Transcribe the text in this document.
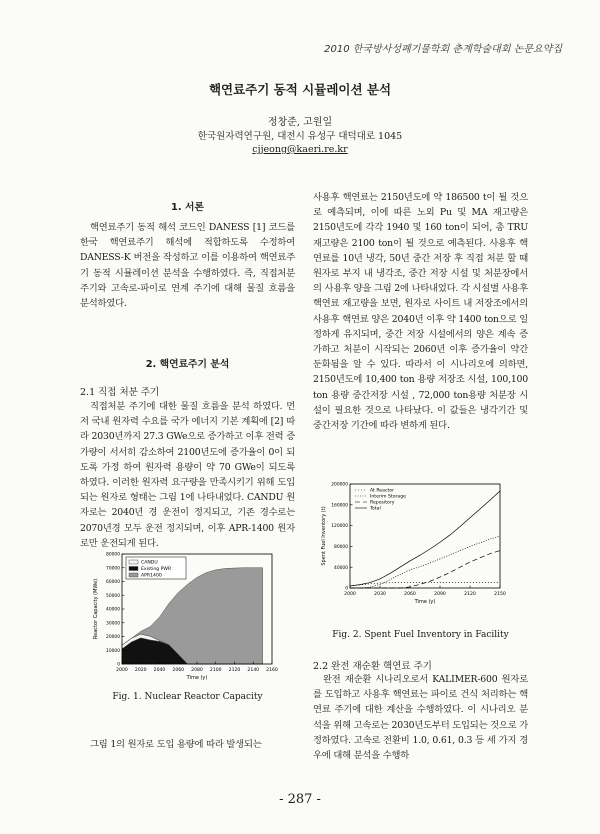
2010 한국방사성폐기물학회 춘계학술대회 논문요약집
핵연료주기 동적 시뮬레이션 분석
정창준, 고원일
한국원자력연구원, 대전시 유성구 대덕대로 1045
cjjeong@kaeri.re.kr
1. 서론

핵연료주기 동적 해석 코드인 DANESS [1] 코드를 한국 핵연료주기 해석에 적합하도록 수정하여 DANESS-K 버전을 작성하고 이를 이용하여 핵연료주기 동적 시뮬레이션 분석을 수행하였다. 즉, 직접처분 주기와 고속로-파이로 연계 주기에 대해 물질 흐름을 분석하였다.

2. 핵연료주기 분석
2.1 직접 처분 주기

직접처분 주기에 대한 물질 흐름을 분석 하였다. 먼저 국내 원자력 수요를 국가 에너지 기본 계획에 [2] 따라 2030년까지 27.3 GWe으로 증가하고 이후 전력 증가량이 서서히 감소하여 2100년도에 증가율이 0이 되도록 가정 하여 원자력 용량이 약 70 GWe이 되도록 하였다. 이러한 원자력 요구량을 만족시키기 위해 도입되는 원자로 형태는 그림 1에 나타내었다. CANDU 원자로는 2040년 경 운전이 정지되고, 기존 경수로는 2070년경 모두 운전 정지되며, 이후 APR-1400 원자로만 운전되게 된다.

2000 2020 2040 2060 2080 2100 2120 2140 2160
0
10000
20000
30000
40000
50000
60000
70000
80000
Time (y)
Reactor Capacity (MWe)
CANDU
Existing PWR
APR1400
Fig. 1. Nuclear Reactor Capacity

그림 1의 원자로 도입 용량에 따라 발생되는

사용후 핵연료는 2150년도에 약 186500 t이 될 것으로 예측되며, 이에 따른 노외 Pu 및 MA 재고량은 2150년도에 각각 1940 및 160 ton이 되어, 총 TRU 재고량은 2100 ton이 될 것으로 예측된다. 사용후 핵연료를 10년 냉각, 50년 중간 저장 후 직접 처분 할 때 원자로 부지 내 냉각조, 중간 저장 시설 및 처분장에서의 사용후 양을 그림 2에 나타내었다. 각 시설별 사용후 핵연료 재고량을 보면, 원자로 사이트 내 저장조에서의 사용후 핵연료 양은 2040년 이후 약 1400 ton으로 일정하게 유지되며, 중간 저장 시설에서의 양은 계속 증가하고 처분이 시작되는 2060년 이후 증가율이 약간 둔화됨을 알 수 있다. 따라서 이 시나리오에 의하면, 2150년도에 10,400 ton 용량 저장조 시설, 100,100 ton 용량 중간저장 시설 , 72,000 ton용량 처분장 시설이 필요한 것으로 나타났다. 이 값들은 냉각기간 및 중간저장 기간에 따라 변하게 된다.

2000	2030	2060	2090	2120	2150
0
40000
80000
120000
160000
200000
Time (y)
Spent Fuel Inventory (t)
At Reactor
Interim Storage
Repository
Total
Fig. 2. Spent Fuel Inventory in Facility
2.2 완전 재순환 핵연료 주기

완전 재순환 시나리오로서 KALIMER-600 원자로를 도입하고 사용후 핵연료는 파이로 건식 처리하는 핵연료 주기에 대한 계산을 수행하였다. 이 시나리오 분석을 위해 고속로는 2030년도부터 도입되는 것으로 가정하였다. 고속로 전환비 1.0, 0.61, 0.3 등 세 가지 경우에 대해 분석을 수행하

- 287 -
